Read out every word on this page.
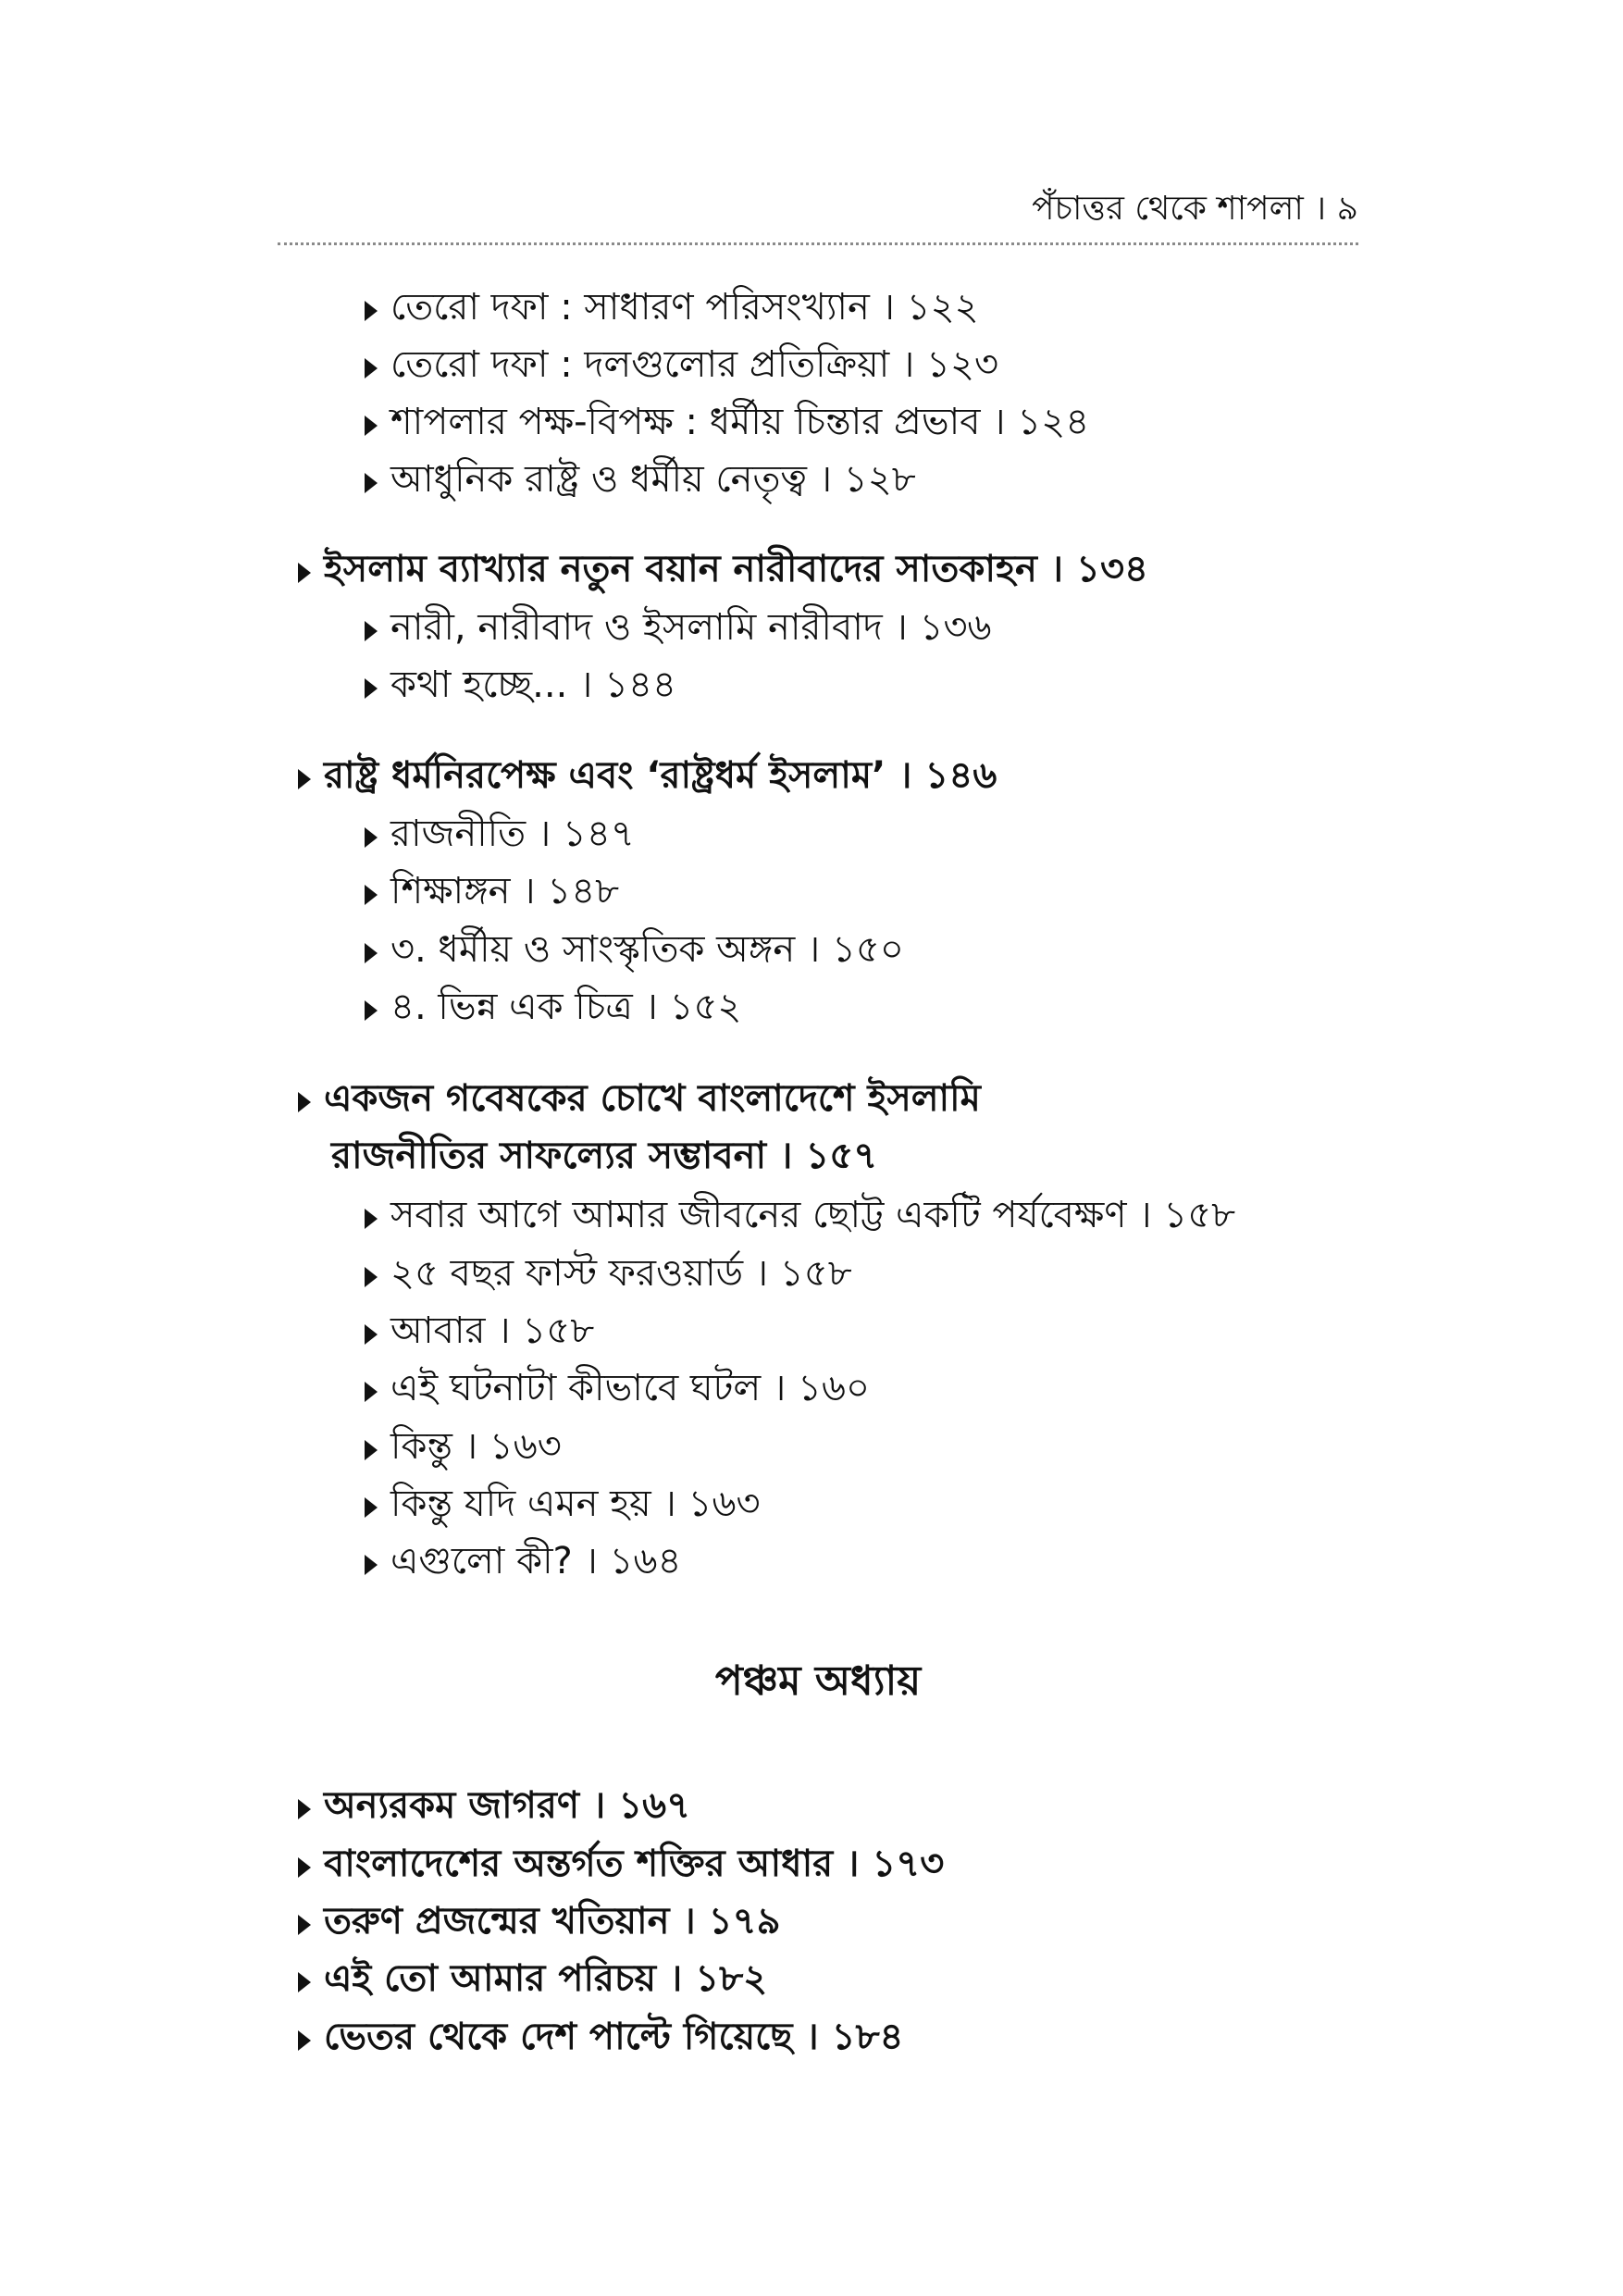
পঁচাত্তর থেকে শাপলা । ৯
তেরো দফা : সাধারণ পরিসংখ্যান । ১২২
তেরো দফা : দলগুলোর প্রতিক্রিয়া । ১২৩
শাপলার পক্ষ-বিপক্ষ : ধর্মীয় চিন্তার প্রভাব । ১২৪
আধুনিক রাষ্ট্র ও ধর্মীয় নেতৃত্ব । ১২৮
ইসলাম ব্যাখ্যার নতুন বয়ান নারীবাদের সাতকাহন । ১৩৪
নারী, নারীবাদ ও ইসলামি নারীবাদ । ১৩৬
কথা হচ্ছে... । ১৪৪
রাষ্ট্র ধর্মনিরপেক্ষ এবং ‘রাষ্ট্রধর্ম ইসলাম’ । ১৪৬
রাজনীতি । ১৪৭
শিক্ষাঙ্গন । ১৪৮
৩. ধর্মীয় ও সাংস্কৃতিক অঙ্গন । ১৫০
৪. ভিন্ন এক চিত্র । ১৫২
একজন গবেষকের চোখে বাংলাদেশে ইসলামি
রাজনীতির সাফল্যের সম্ভাবনা । ১৫৭
সবার আগে আমার জীবনের ছোট্ট একটি পর্যবেক্ষণ । ১৫৮
২৫ বছর ফাস্ট ফরওয়ার্ড । ১৫৮
আবার । ১৫৮
এই ঘটনাটা কীভাবে ঘটল । ১৬০
কিন্তু । ১৬৩
কিন্তু যদি এমন হয় । ১৬৩
এগুলো কী? । ১৬৪
পঞ্চম অধ্যায়
অন্যরকম জাগরণ । ১৬৭
বাংলাদেশের অন্তর্গত শক্তির আধার । ১৭৩
তরুণ প্রজন্মের খতিয়ান । ১৭৯
এই তো আমার পরিচয় । ১৮২
ভেতর থেকে দেশ পাল্টে গিয়েছে । ১৮৪
